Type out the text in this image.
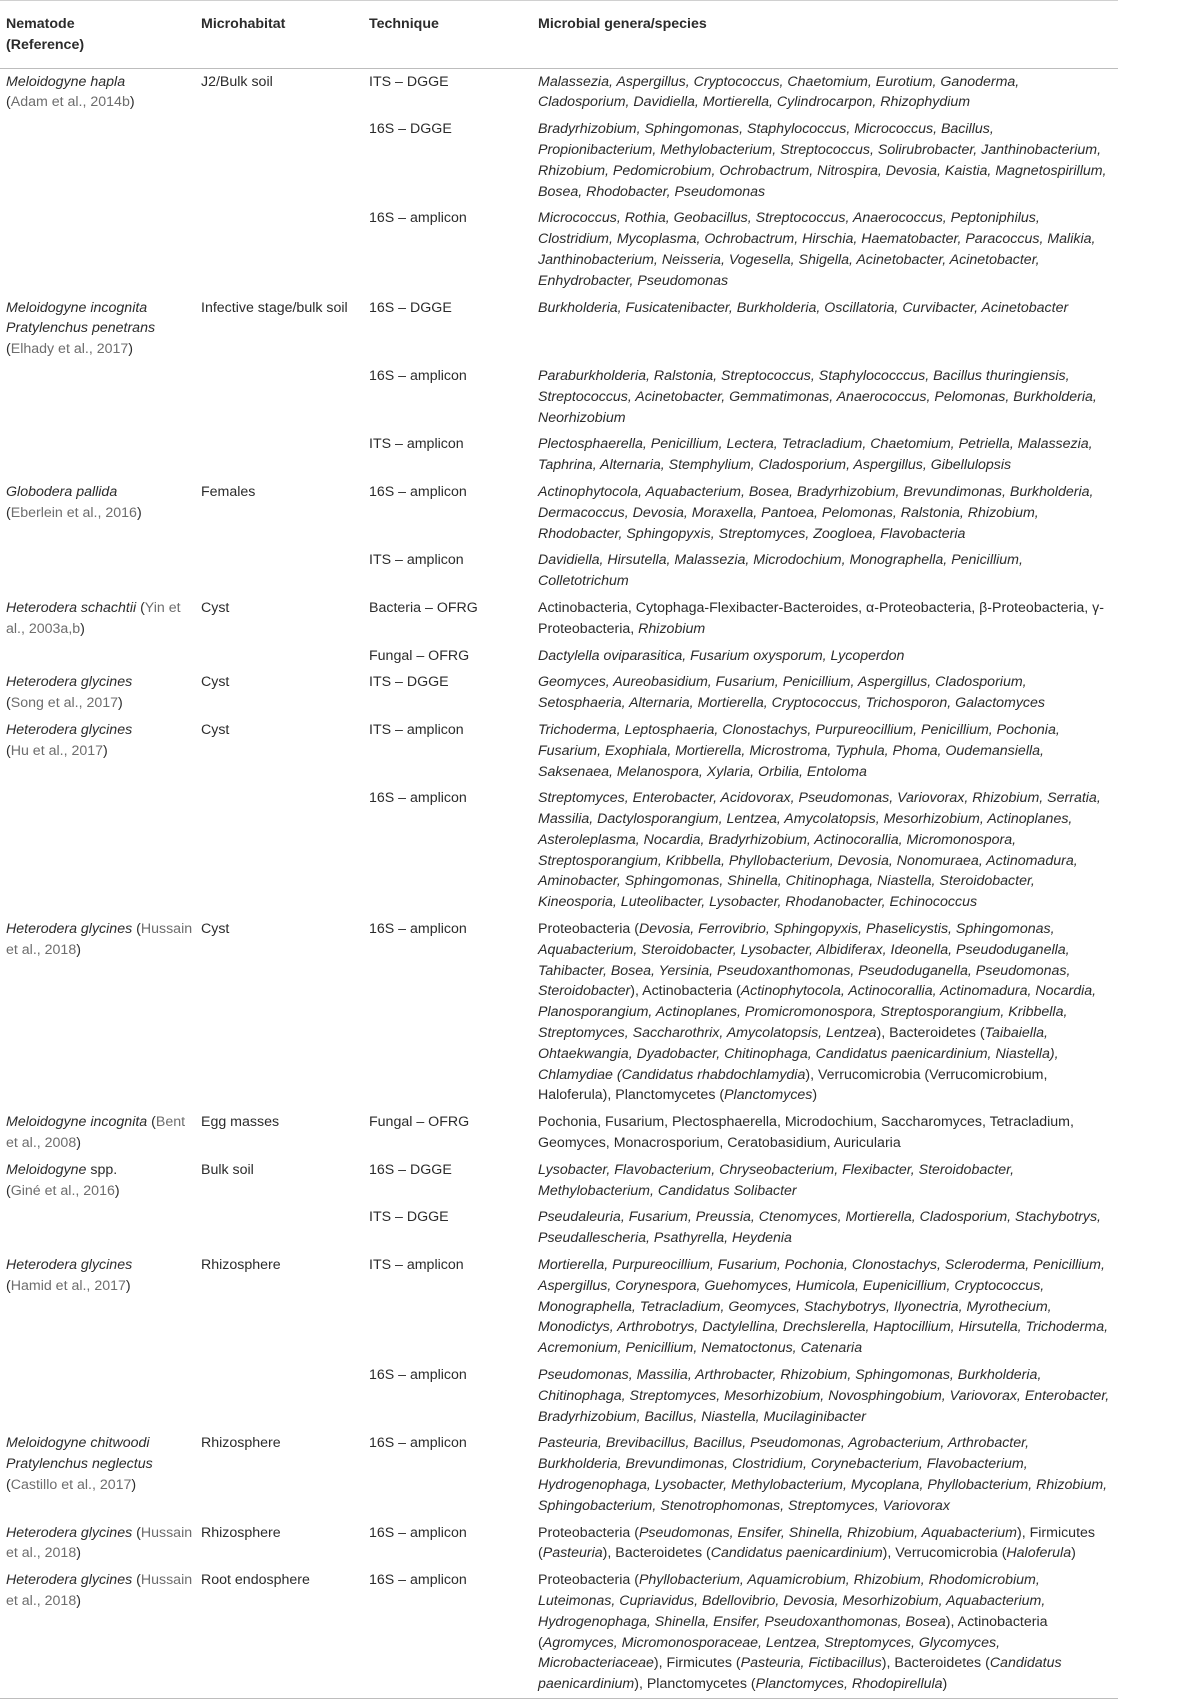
Nematode
(Reference)	Microhabitat	Technique	Microbial genera/species
Meloidogyne hapla
(Adam et al., 2014b)	J2/Bulk soil	ITS – DGGE	Malassezia, Aspergillus, Cryptococcus, Chaetomium, Eurotium, Ganoderma, Cladosporium, Davidiella, Mortierella, Cylindrocarpon, Rhizophydium
		16S – DGGE	Bradyrhizobium, Sphingomonas, Staphylococcus, Micrococcus, Bacillus, Propionibacterium, Methylobacterium, Streptococcus, Solirubrobacter, Janthinobacterium, Rhizobium, Pedomicrobium, Ochrobactrum, Nitrospira, Devosia, Kaistia, Magnetospirillum, Bosea, Rhodobacter, Pseudomonas
		16S – amplicon	Micrococcus, Rothia, Geobacillus, Streptococcus, Anaerococcus, Peptoniphilus, Clostridium, Mycoplasma, Ochrobactrum, Hirschia, Haematobacter, Paracoccus, Malikia, Janthinobacterium, Neisseria, Vogesella, Shigella, Acinetobacter, Acinetobacter, Enhydrobacter, Pseudomonas
Meloidogyne incognita Pratylenchus penetrans (Elhady et al., 2017)	Infective stage/bulk soil	16S – DGGE	Burkholderia, Fusicatenibacter, Burkholderia, Oscillatoria, Curvibacter, Acinetobacter
		16S – amplicon	Paraburkholderia, Ralstonia, Streptococcus, Staphylococccus, Bacillus thuringiensis, Streptococcus, Acinetobacter, Gemmatimonas, Anaerococcus, Pelomonas, Burkholderia, Neorhizobium
		ITS – amplicon	Plectosphaerella, Penicillium, Lectera, Tetracladium, Chaetomium, Petriella, Malassezia, Taphrina, Alternaria, Stemphylium, Cladosporium, Aspergillus, Gibellulopsis
Globodera pallida
(Eberlein et al., 2016)	Females	16S – amplicon	Actinophytocola, Aquabacterium, Bosea, Bradyrhizobium, Brevundimonas, Burkholderia, Dermacoccus, Devosia, Moraxella, Pantoea, Pelomonas, Ralstonia, Rhizobium, Rhodobacter, Sphingopyxis, Streptomyces, Zoogloea, Flavobacteria
		ITS – amplicon	Davidiella, Hirsutella, Malassezia, Microdochium, Monographella, Penicillium, Colletotrichum
Heterodera schachtii (Yin et al., 2003a,b)	Cyst	Bacteria – OFRG	Actinobacteria, Cytophaga-Flexibacter-Bacteroides, α-Proteobacteria, β-Proteobacteria, γ-Proteobacteria, Rhizobium
		Fungal – OFRG	Dactylella oviparasitica, Fusarium oxysporum, Lycoperdon
Heterodera glycines
(Song et al., 2017)	Cyst	ITS – DGGE	Geomyces, Aureobasidium, Fusarium, Penicillium, Aspergillus, Cladosporium, Setosphaeria, Alternaria, Mortierella, Cryptococcus, Trichosporon, Galactomyces
Heterodera glycines
(Hu et al., 2017)	Cyst	ITS – amplicon	Trichoderma, Leptosphaeria, Clonostachys, Purpureocillium, Penicillium, Pochonia, Fusarium, Exophiala, Mortierella, Microstroma, Typhula, Phoma, Oudemansiella, Saksenaea, Melanospora, Xylaria, Orbilia, Entoloma
		16S – amplicon	Streptomyces, Enterobacter, Acidovorax, Pseudomonas, Variovorax, Rhizobium, Serratia, Massilia, Dactylosporangium, Lentzea, Amycolatopsis, Mesorhizobium, Actinoplanes, Asteroleplasma, Nocardia, Bradyrhizobium, Actinocorallia, Micromonospora, Streptosporangium, Kribbella, Phyllobacterium, Devosia, Nonomuraea, Actinomadura, Aminobacter, Sphingomonas, Shinella, Chitinophaga, Niastella, Steroidobacter, Kineosporia, Luteolibacter, Lysobacter, Rhodanobacter, Echinococcus
Heterodera glycines (Hussain et al., 2018)	Cyst	16S – amplicon	Proteobacteria (Devosia, Ferrovibrio, Sphingopyxis, Phaselicystis, Sphingomonas, Aquabacterium, Steroidobacter, Lysobacter, Albidiferax, Ideonella, Pseudoduganella, Tahibacter, Bosea, Yersinia, Pseudoxanthomonas, Pseudoduganella, Pseudomonas, Steroidobacter), Actinobacteria (Actinophytocola, Actinocorallia, Actinomadura, Nocardia, Planosporangium, Actinoplanes, Promicromonospora, Streptosporangium, Kribbella, Streptomyces, Saccharothrix, Amycolatopsis, Lentzea), Bacteroidetes (Taibaiella, Ohtaekwangia, Dyadobacter, Chitinophaga, Candidatus paenicardinium, Niastella), Chlamydiae (Candidatus rhabdochlamydia), Verrucomicrobia (Verrucomicrobium, Haloferula), Planctomycetes (Planctomyces)
Meloidogyne incognita (Bent et al., 2008)	Egg masses	Fungal – OFRG	Pochonia, Fusarium, Plectosphaerella, Microdochium, Saccharomyces, Tetracladium, Geomyces, Monacrosporium, Ceratobasidium, Auricularia
Meloidogyne spp.
(Giné et al., 2016)	Bulk soil	16S – DGGE	Lysobacter, Flavobacterium, Chryseobacterium, Flexibacter, Steroidobacter, Methylobacterium, Candidatus Solibacter
		ITS – DGGE	Pseudaleuria, Fusarium, Preussia, Ctenomyces, Mortierella, Cladosporium, Stachybotrys, Pseudallescheria, Psathyrella, Heydenia
Heterodera glycines
(Hamid et al., 2017)	Rhizosphere	ITS – amplicon	Mortierella, Purpureocillium, Fusarium, Pochonia, Clonostachys, Scleroderma, Penicillium, Aspergillus, Corynespora, Guehomyces, Humicola, Eupenicillium, Cryptococcus, Monographella, Tetracladium, Geomyces, Stachybotrys, Ilyonectria, Myrothecium, Monodictys, Arthrobotrys, Dactylellina, Drechslerella, Haptocillium, Hirsutella, Trichoderma, Acremonium, Penicillium, Nematoctonus, Catenaria
		16S – amplicon	Pseudomonas, Massilia, Arthrobacter, Rhizobium, Sphingomonas, Burkholderia, Chitinophaga, Streptomyces, Mesorhizobium, Novosphingobium, Variovorax, Enterobacter, Bradyrhizobium, Bacillus, Niastella, Mucilaginibacter
Meloidogyne chitwoodi Pratylenchus neglectus (Castillo et al., 2017)	Rhizosphere	16S – amplicon	Pasteuria, Brevibacillus, Bacillus, Pseudomonas, Agrobacterium, Arthrobacter, Burkholderia, Brevundimonas, Clostridium, Corynebacterium, Flavobacterium, Hydrogenophaga, Lysobacter, Methylobacterium, Mycoplana, Phyllobacterium, Rhizobium, Sphingobacterium, Stenotrophomonas, Streptomyces, Variovorax
Heterodera glycines (Hussain et al., 2018)	Rhizosphere	16S – amplicon	Proteobacteria (Pseudomonas, Ensifer, Shinella, Rhizobium, Aquabacterium), Firmicutes (Pasteuria), Bacteroidetes (Candidatus paenicardinium), Verrucomicrobia (Haloferula)
Heterodera glycines (Hussain et al., 2018)	Root endosphere	16S – amplicon	Proteobacteria (Phyllobacterium, Aquamicrobium, Rhizobium, Rhodomicrobium, Luteimonas, Cupriavidus, Bdellovibrio, Devosia, Mesorhizobium, Aquabacterium, Hydrogenophaga, Shinella, Ensifer, Pseudoxanthomonas, Bosea), Actinobacteria (Agromyces, Micromonosporaceae, Lentzea, Streptomyces, Glycomyces, Microbacteriaceae), Firmicutes (Pasteuria, Fictibacillus), Bacteroidetes (Candidatus paenicardinium), Planctomycetes (Planctomyces, Rhodopirellula)
